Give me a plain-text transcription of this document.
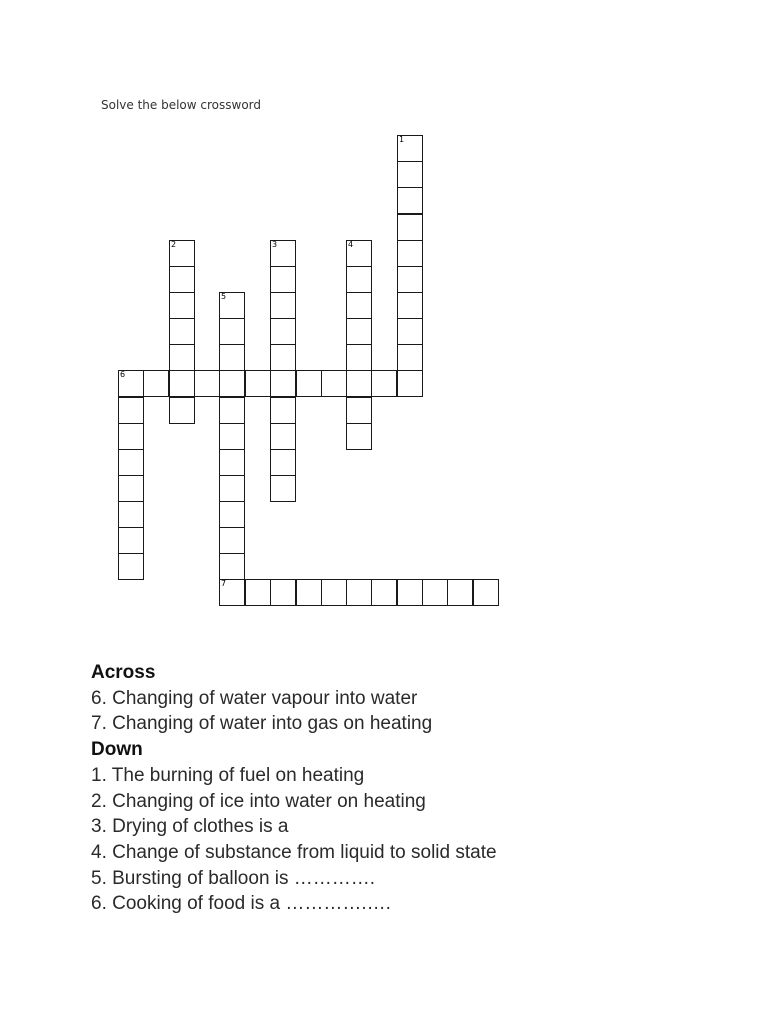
Solve the below crossword
1
2	3	4
5
7
6
Across
6. Changing of water vapour into water
7. Changing of water into gas on heating
Down
1. The burning of fuel on heating
2. Changing of ice into water on heating
3. Drying of clothes is a
4. Change of substance from liquid to solid state
5. Bursting of balloon is ………….
6. Cooking of food is a ………….….
